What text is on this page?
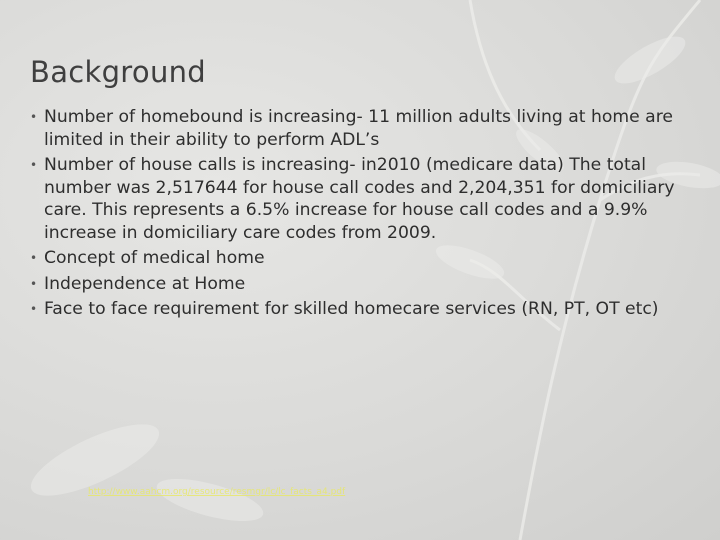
Background
• Number of homebound is increasing- 11 million adults living at home are limited in their ability to perform ADL’s
• Number of house calls is increasing- in2010 (medicare data) The total number was 2,517644 for house call codes and 2,204,351 for domiciliary care. This represents a 6.5% increase for house call codes and a 9.9% increase in domiciliary care codes from 2009.
• Concept of medical home
• Independence at Home
• Face to face requirement for skilled homecare services (RN, PT, OT etc)
http://www.aahcm.org/resource/resmgr/lc/lc_facts_a4.pdf
